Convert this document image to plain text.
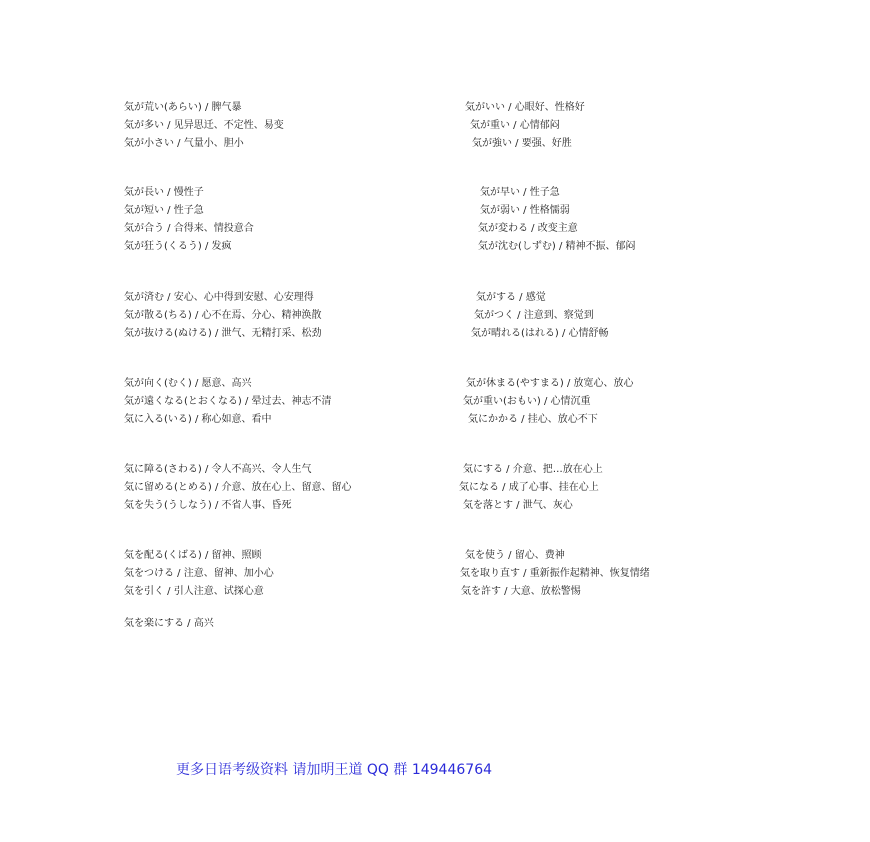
気が荒い(あらい) / 脾气暴
気が多い / 见异思迁、不定性、易变
気が小さい / 气量小、胆小
気が長い / 慢性子
気が短い / 性子急
気が合う / 合得来、情投意合
気が狂う(くるう) / 发疯
気が済む / 安心、心中得到安慰、心安理得
気が散る(ちる) / 心不在焉、分心、精神涣散
気が抜ける(ぬける) / 泄气、无精打采、松劲
気が向く(むく) / 愿意、高兴
気が遠くなる(とおくなる) / 晕过去、神志不清
気に入る(いる) / 称心如意、看中
気に障る(さわる) / 令人不高兴、令人生气
気に留める(とめる) / 介意、放在心上、留意、留心
気を失う(うしなう) / 不省人事、昏死
気を配る(くばる) / 留神、照顾
気をつける / 注意、留神、加小心
気を引く / 引人注意、试探心意
気を楽にする / 高兴
気がいい / 心眼好、性格好
気が重い / 心情郁闷
気が強い / 要强、好胜
気が早い / 性子急
気が弱い / 性格懦弱
気が変わる / 改变主意
気が沈む(しずむ) / 精神不振、郁闷
気がする / 感觉
気がつく / 注意到、察觉到
気が晴れる(はれる) / 心情舒畅
気が休まる(やすまる) / 放宽心、放心
気が重い(おもい) / 心情沉重
気にかかる / 挂心、放心不下
気にする / 介意、把…放在心上
気になる / 成了心事、挂在心上
気を落とす / 泄气、灰心
気を使う / 留心、费神
気を取り直す / 重新振作起精神、恢复情绪
気を許す / 大意、放松警惕
更多日语考级资料 请加明王道 QQ 群 149446764
